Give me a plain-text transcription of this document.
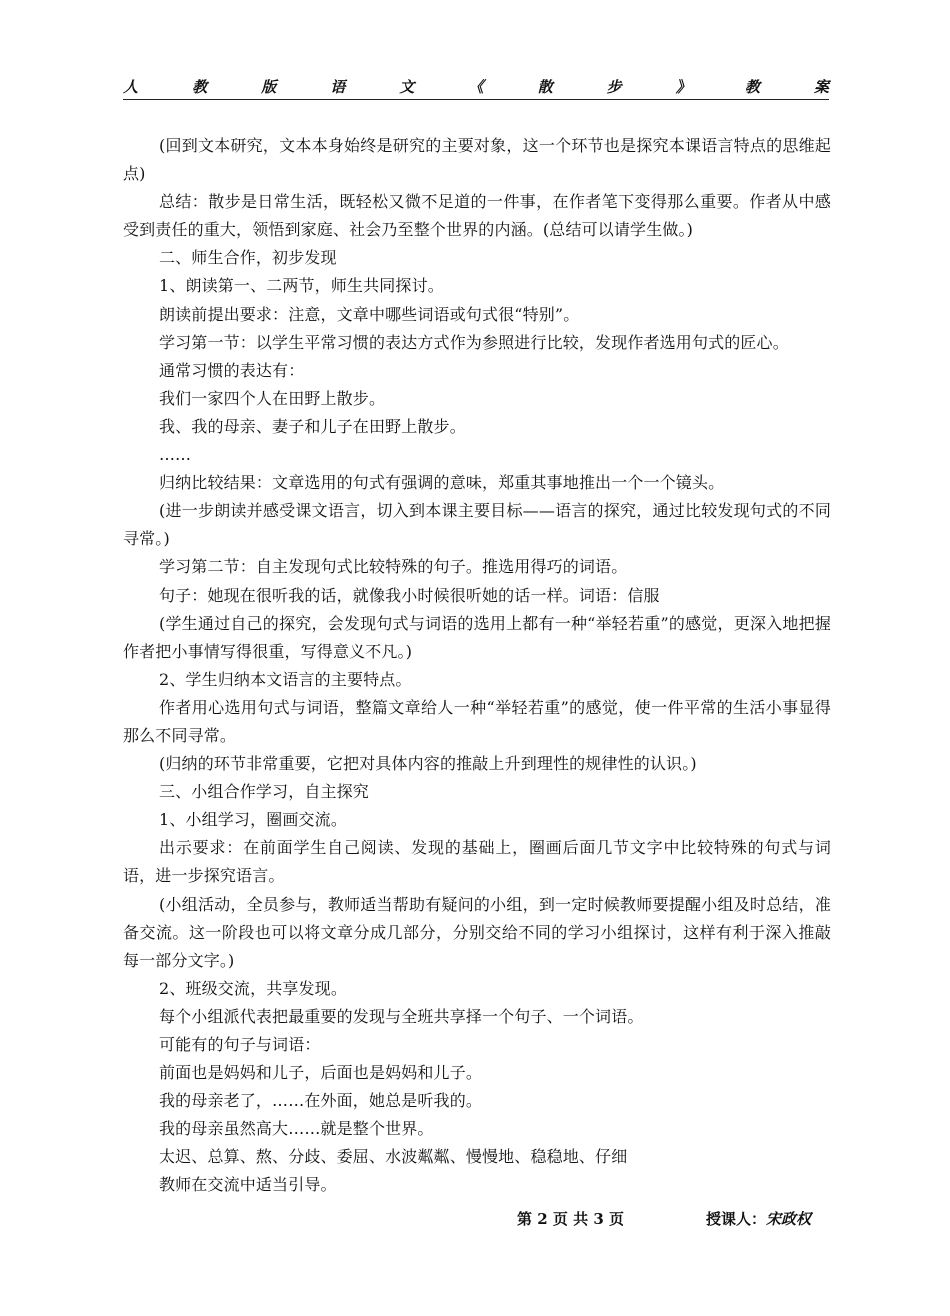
人	教	版	语	文	《	散	步	》	教	案

(回到文本研究，文本本身始终是研究的主要对象，这一个环节也是探究本课语言特点的思维起点)

总结：散步是日常生活，既轻松又微不足道的一件事，在作者笔下变得那么重要。作者从中感受到责任的重大，领悟到家庭、社会乃至整个世界的内涵。(总结可以请学生做。)

二、师生合作，初步发现

1、朗读第一、二两节，师生共同探讨。

朗读前提出要求：注意，文章中哪些词语或句式很“特别”。

学习第一节：以学生平常习惯的表达方式作为参照进行比较，发现作者选用句式的匠心。

通常习惯的表达有：

我们一家四个人在田野上散步。

我、我的母亲、妻子和儿子在田野上散步。

……

归纳比较结果：文章选用的句式有强调的意味，郑重其事地推出一个一个镜头。

(进一步朗读并感受课文语言，切入到本课主要目标——语言的探究，通过比较发现句式的不同寻常。)

学习第二节：自主发现句式比较特殊的句子。推选用得巧的词语。

句子：她现在很听我的话，就像我小时候很听她的话一样。词语：信服

(学生通过自己的探究，会发现句式与词语的选用上都有一种“举轻若重”的感觉，更深入地把握作者把小事情写得很重，写得意义不凡。)

2、学生归纳本文语言的主要特点。

作者用心选用句式与词语，整篇文章给人一种“举轻若重”的感觉，使一件平常的生活小事显得那么不同寻常。

(归纳的环节非常重要，它把对具体内容的推敲上升到理性的规律性的认识。)

三、小组合作学习，自主探究

1、小组学习，圈画交流。

出示要求：在前面学生自己阅读、发现的基础上，圈画后面几节文字中比较特殊的句式与词语，进一步探究语言。

(小组活动，全员参与，教师适当帮助有疑问的小组，到一定时候教师要提醒小组及时总结，准备交流。这一阶段也可以将文章分成几部分，分别交给不同的学习小组探讨，这样有利于深入推敲每一部分文字。)

2、班级交流，共享发现。

每个小组派代表把最重要的发现与全班共享择一个句子、一个词语。

可能有的句子与词语：

前面也是妈妈和儿子，后面也是妈妈和儿子。

我的母亲老了，……在外面，她总是听我的。

我的母亲虽然高大……就是整个世界。

太迟、总算、熬、分歧、委屈、水波粼粼、慢慢地、稳稳地、仔细

教师在交流中适当引导。

第 2 页 共 3 页	授课人：宋政权
